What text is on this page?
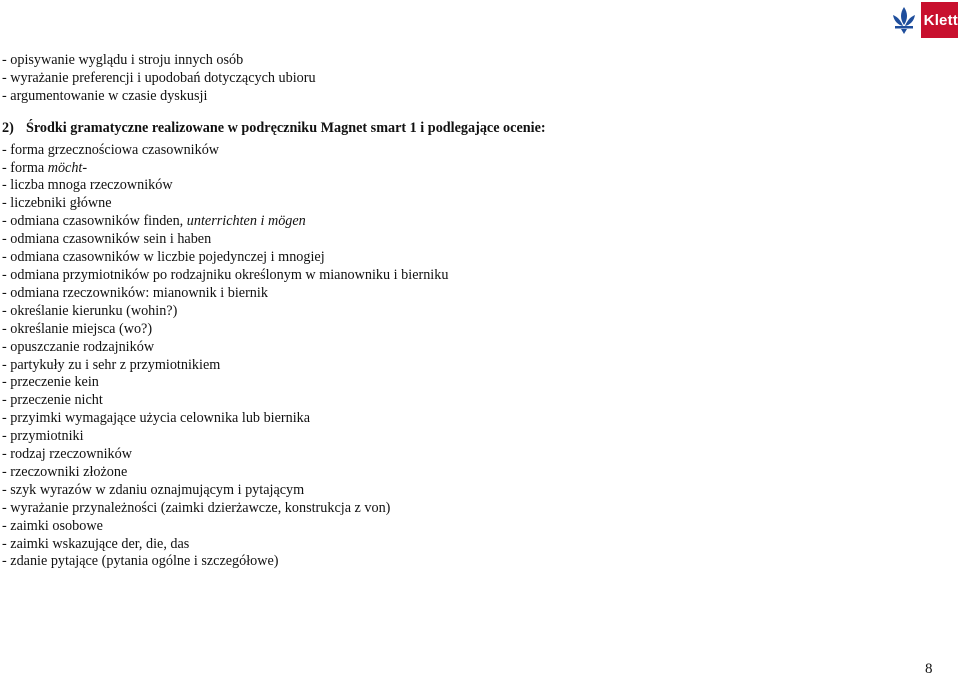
Klett

- opisywanie wyglądu i stroju innych osób

- wyrażanie preferencji i upodobań dotyczących ubioru

- argumentowanie w czasie dyskusji

2) Środki gramatyczne realizowane w podręczniku Magnet smart 1 i podlegające ocenie:

- forma grzecznościowa czasowników

- forma möcht-

- liczba mnoga rzeczowników

- liczebniki główne

- odmiana czasowników finden, unterrichten i mögen

- odmiana czasowników sein i haben

- odmiana czasowników w liczbie pojedynczej i mnogiej

- odmiana przymiotników po rodzajniku określonym w mianowniku i bierniku

- odmiana rzeczowników: mianownik i biernik

- określanie kierunku (wohin?)

- określanie miejsca (wo?)

- opuszczanie rodzajników

- partykuły zu i sehr z przymiotnikiem

- przeczenie kein

- przeczenie nicht

- przyimki wymagające użycia celownika lub biernika

- przymiotniki

- rodzaj rzeczowników

- rzeczowniki złożone

- szyk wyrazów w zdaniu oznajmującym i pytającym

- wyrażanie przynależności (zaimki dzierżawcze, konstrukcja z von)

- zaimki osobowe

- zaimki wskazujące der, die, das

- zdanie pytające (pytania ogólne i szczegółowe)

8
